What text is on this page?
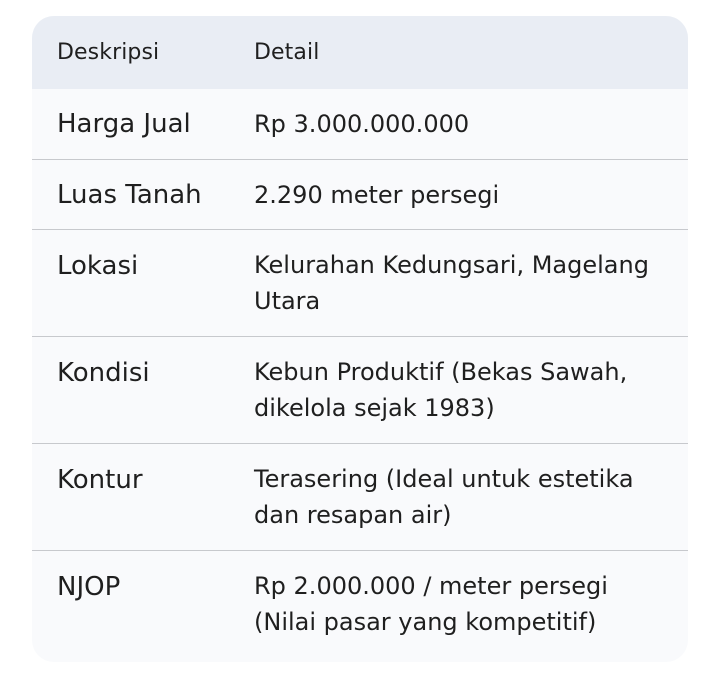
Deskripsi	Detail
Harga Jual	Rp 3.000.000.000
Luas Tanah	2.290 meter persegi
Lokasi	Kelurahan Kedungsari, Magelang Utara
Kondisi	Kebun Produktif (Bekas Sawah, dikelola sejak 1983)
Kontur	Terasering (Ideal untuk estetika dan resapan air)
NJOP	Rp 2.000.000 / meter persegi (Nilai pasar yang kompetitif)
